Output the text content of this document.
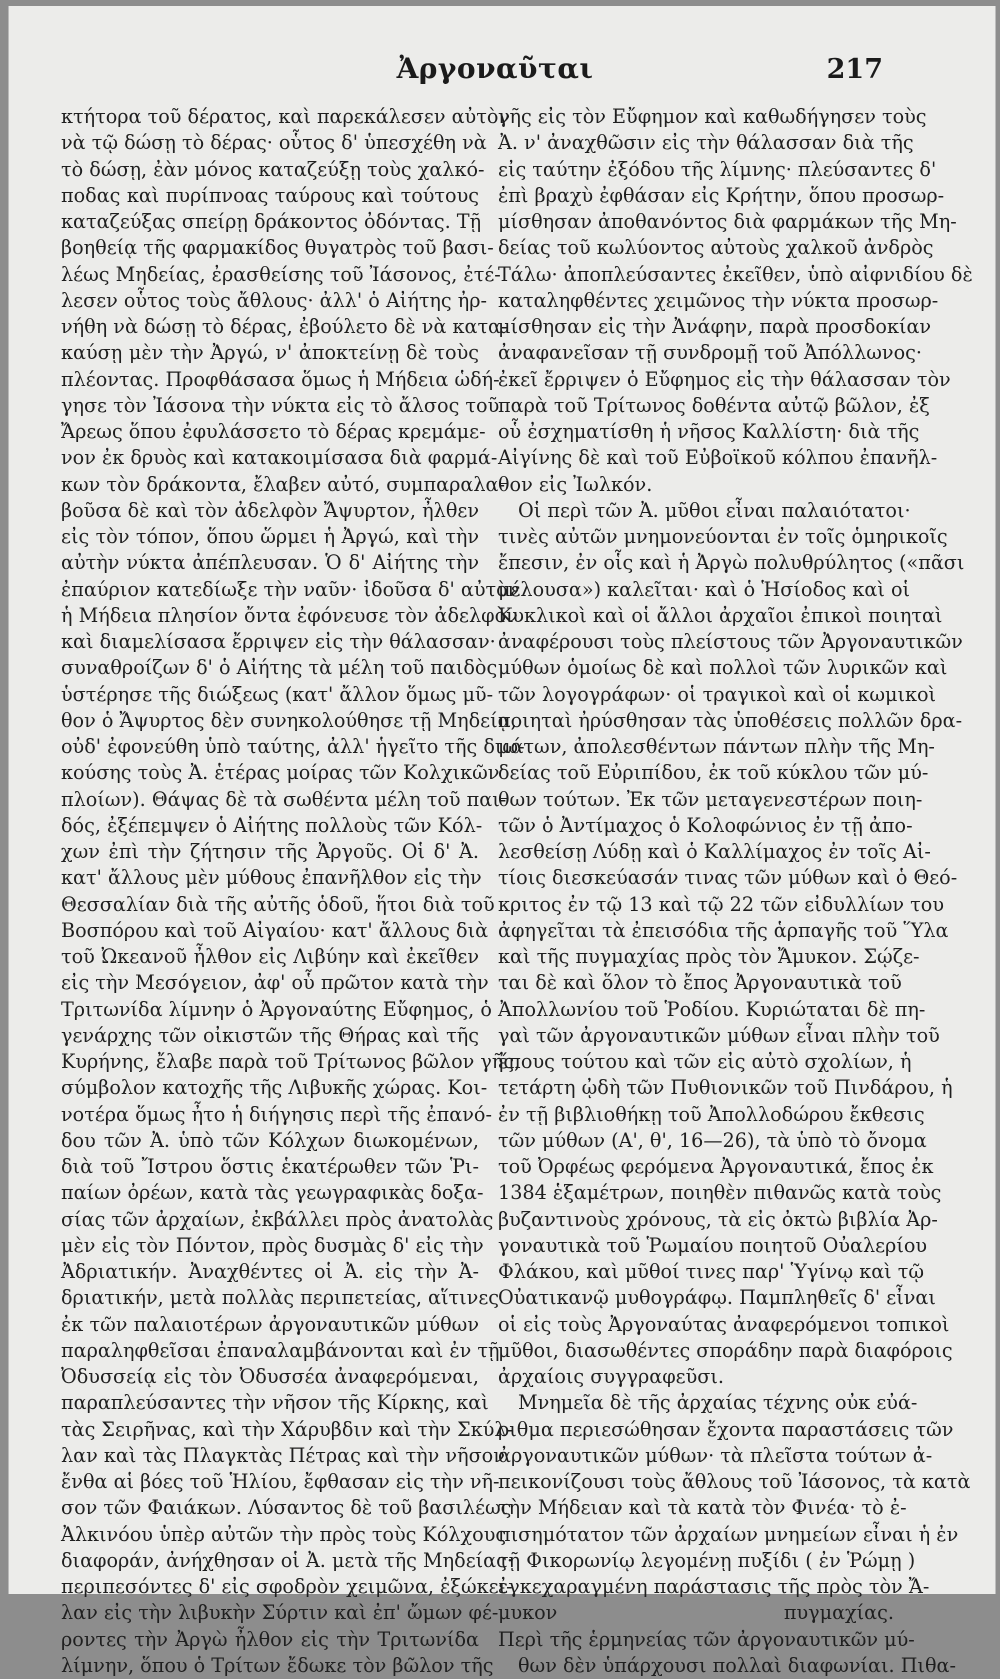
Ἀργοναῦται	217
κτήτορα τοῦ δέρατος, καὶ παρεκάλεσεν αὐτὸν
νὰ τῷ δώσῃ τὸ δέρας· οὗτος δ' ὑπεσχέθη νὰ
τὸ δώσῃ, ἐὰν μόνος καταζεύξῃ τοὺς χαλκό-
ποδας καὶ πυρίπνοας ταύρους καὶ τούτους
καταζεύξας σπείρῃ δράκοντος ὀδόντας. Τῇ
βοηθείᾳ τῆς φαρμακίδος θυγατρὸς τοῦ βασι-
λέως Μηδείας, ἐρασθείσης τοῦ Ἰάσονος, ἐτέ-
λεσεν οὗτος τοὺς ἄθλους· ἀλλ' ὁ Αἰήτης ἠρ-
νήθη νὰ δώσῃ τὸ δέρας, ἐβούλετο δὲ νὰ κατα-
καύσῃ μὲν τὴν Ἀργώ, ν' ἀποκτείνῃ δὲ τοὺς
πλέοντας. Προφθάσασα ὅμως ἡ Μήδεια ὡδή-
γησε τὸν Ἰάσονα τὴν νύκτα εἰς τὸ ἄλσος τοῦ
Ἄρεως ὅπου ἐφυλάσσετο τὸ δέρας κρεμάμε-
νον ἐκ δρυὸς καὶ κατακοιμίσασα διὰ φαρμά-
κων τὸν δράκοντα, ἔλαβεν αὐτό, συμπαραλα-
βοῦσα δὲ καὶ τὸν ἀδελφὸν Ἄψυρτον, ἦλθεν
εἰς τὸν τόπον, ὅπου ὥρμει ἡ Ἀργώ, καὶ τὴν
αὐτὴν νύκτα ἀπέπλευσαν. Ὁ δ' Αἰήτης τὴν
ἐπαύριον κατεδίωξε τὴν ναῦν· ἰδοῦσα δ' αὐτὸν
ἡ Μήδεια πλησίον ὄντα ἐφόνευσε τὸν ἀδελφὸν
καὶ διαμελίσασα ἔρριψεν εἰς τὴν θάλασσαν·
συναθροίζων δ' ὁ Αἰήτης τὰ μέλη τοῦ παιδὸς
ὑστέρησε τῆς διώξεως (κατ' ἄλλον ὅμως μῦ-
θον ὁ Ἄψυρτος δὲν συνηκολούθησε τῇ Μηδείᾳ,
οὐδ' ἐφονεύθη ὑπὸ ταύτης, ἀλλ' ἡγεῖτο τῆς διω-
κούσης τοὺς Ἀ. ἑτέρας μοίρας τῶν Κολχικῶν
πλοίων). Θάψας δὲ τὰ σωθέντα μέλη τοῦ παι-
δός, ἐξέπεμψεν ὁ Αἰήτης πολλοὺς τῶν Κόλ-
χων ἐπὶ τὴν ζήτησιν τῆς Ἀργοῦς. Οἱ δ' Ἀ.
κατ' ἄλλους μὲν μύθους ἐπανῆλθον εἰς τὴν
Θεσσαλίαν διὰ τῆς αὐτῆς ὁδοῦ, ἥτοι διὰ τοῦ
Βοσπόρου καὶ τοῦ Αἰγαίου· κατ' ἄλλους διὰ
τοῦ Ὠκεανοῦ ἦλθον εἰς Λιβύην καὶ ἐκεῖθεν
εἰς τὴν Μεσόγειον, ἀφ' οὗ πρῶτον κατὰ τὴν
Τριτωνίδα λίμνην ὁ Ἀργοναύτης Εὔφημος, ὁ
γενάρχης τῶν οἰκιστῶν τῆς Θήρας καὶ τῆς
Κυρήνης, ἔλαβε παρὰ τοῦ Τρίτωνος βῶλον γῆς,
σύμβολον κατοχῆς τῆς Λιβυκῆς χώρας. Κοι-
νοτέρα ὅμως ἦτο ἡ διήγησις περὶ τῆς ἐπανό-
δου τῶν Ἀ. ὑπὸ τῶν Κόλχων διωκομένων,
διὰ τοῦ Ἴστρου ὅστις ἑκατέρωθεν τῶν Ῥι-
παίων ὀρέων, κατὰ τὰς γεωγραφικὰς δοξα-
σίας τῶν ἀρχαίων, ἐκβάλλει πρὸς ἀνατολὰς
μὲν εἰς τὸν Πόντον, πρὸς δυσμὰς δ' εἰς τὴν
Ἀδριατικήν. Ἀναχθέντες οἱ Ἀ. εἰς τὴν Ἀ-
δριατικήν, μετὰ πολλὰς περιπετείας, αἵτινες
ἐκ τῶν παλαιοτέρων ἀργοναυτικῶν μύθων
παραληφθεῖσαι ἐπαναλαμβάνονται καὶ ἐν τῇ
Ὀδυσσείᾳ εἰς τὸν Ὀδυσσέα ἀναφερόμεναι,
παραπλεύσαντες τὴν νῆσον τῆς Κίρκης, καὶ
τὰς Σειρῆνας, καὶ τὴν Χάρυβδιν καὶ τὴν Σκύλ-
λαν καὶ τὰς Πλαγκτὰς Πέτρας καὶ τὴν νῆσον
ἔνθα αἱ βόες τοῦ Ἡλίου, ἔφθασαν εἰς τὴν νῆ-
σον τῶν Φαιάκων. Λύσαντος δὲ τοῦ βασιλέως
Ἀλκινόου ὑπὲρ αὐτῶν τὴν πρὸς τοὺς Κόλχους
διαφοράν, ἀνήχθησαν οἱ Ἀ. μετὰ τῆς Μηδείας·
περιπεσόντες δ' εἰς σφοδρὸν χειμῶνα, ἐξώκει-
λαν εἰς τὴν λιβυκὴν Σύρτιν καὶ ἐπ' ὤμων φέ-
ροντες τὴν Ἀργὼ ἦλθον εἰς τὴν Τριτωνίδα
λίμνην, ὅπου ὁ Τρίτων ἔδωκε τὸν βῶλον τῆς
γῆς εἰς τὸν Εὔφημον καὶ καθωδήγησεν τοὺς
Ἀ. ν' ἀναχθῶσιν εἰς τὴν θάλασσαν διὰ τῆς
εἰς ταύτην ἐξόδου τῆς λίμνης· πλεύσαντες δ'
ἐπὶ βραχὺ ἐφθάσαν εἰς Κρήτην, ὅπου προσωρ-
μίσθησαν ἀποθανόντος διὰ φαρμάκων τῆς Μη-
δείας τοῦ κωλύοντος αὐτοὺς χαλκοῦ ἀνδρὸς
Τάλω· ἀποπλεύσαντες ἐκεῖθεν, ὑπὸ αἰφνιδίου δὲ
καταληφθέντες χειμῶνος τὴν νύκτα προσωρ-
μίσθησαν εἰς τὴν Ἀνάφην, παρὰ προσδοκίαν
ἀναφανεῖσαν τῇ συνδρομῇ τοῦ Ἀπόλλωνος·
ἐκεῖ ἔρριψεν ὁ Εὔφημος εἰς τὴν θάλασσαν τὸν
παρὰ τοῦ Τρίτωνος δοθέντα αὐτῷ βῶλον, ἐξ
οὗ ἐσχηματίσθη ἡ νῆσος Καλλίστη· διὰ τῆς
Αἰγίνης δὲ καὶ τοῦ Εὐβοϊκοῦ κόλπου ἐπανῆλ-
θον εἰς Ἰωλκόν.
Οἱ περὶ τῶν Ἀ. μῦθοι εἶναι παλαιότατοι·
τινὲς αὐτῶν μνημονεύονται ἐν τοῖς ὁμηρικοῖς
ἔπεσιν, ἐν οἷς καὶ ἡ Ἀργὼ πολυθρύλητος («πᾶσι
μέλουσα») καλεῖται· καὶ ὁ Ἡσίοδος καὶ οἱ
Κυκλικοὶ καὶ οἱ ἄλλοι ἀρχαῖοι ἐπικοὶ ποιηταὶ
ἀναφέρουσι τοὺς πλείστους τῶν Ἀργοναυτικῶν
μύθων ὁμοίως δὲ καὶ πολλοὶ τῶν λυρικῶν καὶ
τῶν λογογράφων· οἱ τραγικοὶ καὶ οἱ κωμικοὶ
ποιηταὶ ἠρύσθησαν τὰς ὑποθέσεις πολλῶν δρα-
μάτων, ἀπολεσθέντων πάντων πλὴν τῆς Μη-
δείας τοῦ Εὐριπίδου, ἐκ τοῦ κύκλου τῶν μύ-
θων τούτων. Ἐκ τῶν μεταγενεστέρων ποιη-
τῶν ὁ Ἀντίμαχος ὁ Κολοφώνιος ἐν τῇ ἀπο-
λεσθείσῃ Λύδῃ καὶ ὁ Καλλίμαχος ἐν τοῖς Αἰ-
τίοις διεσκεύασάν τινας τῶν μύθων καὶ ὁ Θεό-
κριτος ἐν τῷ 13 καὶ τῷ 22 τῶν εἰδυλλίων του
ἀφηγεῖται τὰ ἐπεισόδια τῆς ἁρπαγῆς τοῦ Ὕλα
καὶ τῆς πυγμαχίας πρὸς τὸν Ἄμυκον. Σῴζε-
ται δὲ καὶ ὅλον τὸ ἔπος Ἀργοναυτικὰ τοῦ
Ἀπολλωνίου τοῦ Ῥοδίου. Κυριώταται δὲ πη-
γαὶ τῶν ἀργοναυτικῶν μύθων εἶναι πλὴν τοῦ
ἔπους τούτου καὶ τῶν εἰς αὐτὸ σχολίων, ἡ
τετάρτη ᾠδὴ τῶν Πυθιονικῶν τοῦ Πινδάρου, ἡ
ἐν τῇ βιβλιοθήκῃ τοῦ Ἀπολλοδώρου ἔκθεσις
τῶν μύθων (Α', θ', 16—26), τὰ ὑπὸ τὸ ὄνομα
τοῦ Ὀρφέως φερόμενα Ἀργοναυτικά, ἔπος ἐκ
1384 ἑξαμέτρων, ποιηθὲν πιθανῶς κατὰ τοὺς
βυζαντινοὺς χρόνους, τὰ εἰς ὀκτὼ βιβλία Ἀρ-
γοναυτικὰ τοῦ Ῥωμαίου ποιητοῦ Οὐαλερίου
Φλάκου, καὶ μῦθοί τινες παρ' Ὑγίνῳ καὶ τῷ
Οὐατικανῷ μυθογράφῳ. Παμπληθεῖς δ' εἶναι
οἱ εἰς τοὺς Ἀργοναύτας ἀναφερόμενοι τοπικοὶ
μῦθοι, διασωθέντες σποράδην παρὰ διαφόροις
ἀρχαίοις συγγραφεῦσι.
Μνημεῖα δὲ τῆς ἀρχαίας τέχνης οὐκ εὐά-
ριθμα περιεσώθησαν ἔχοντα παραστάσεις τῶν
ἀργοναυτικῶν μύθων· τὰ πλεῖστα τούτων ἀ-
πεικονίζουσι τοὺς ἄθλους τοῦ Ἰάσονος, τὰ κατὰ
τὴν Μήδειαν καὶ τὰ κατὰ τὸν Φινέα· τὸ ἐ-
πισημότατον τῶν ἀρχαίων μνημείων εἶναι ἡ ἐν
τῇ Φικορωνίῳ λεγομένῃ πυξίδι ( ἐν Ῥώμῃ )
ἐγκεχαραγμένη παράστασις τῆς πρὸς τὸν Ἄ-
μυκον πυγμαχίας.
Περὶ τῆς ἑρμηνείας τῶν ἀργοναυτικῶν μύ-
θων δὲν ὑπάρχουσι πολλαὶ διαφωνίαι. Πιθα-
